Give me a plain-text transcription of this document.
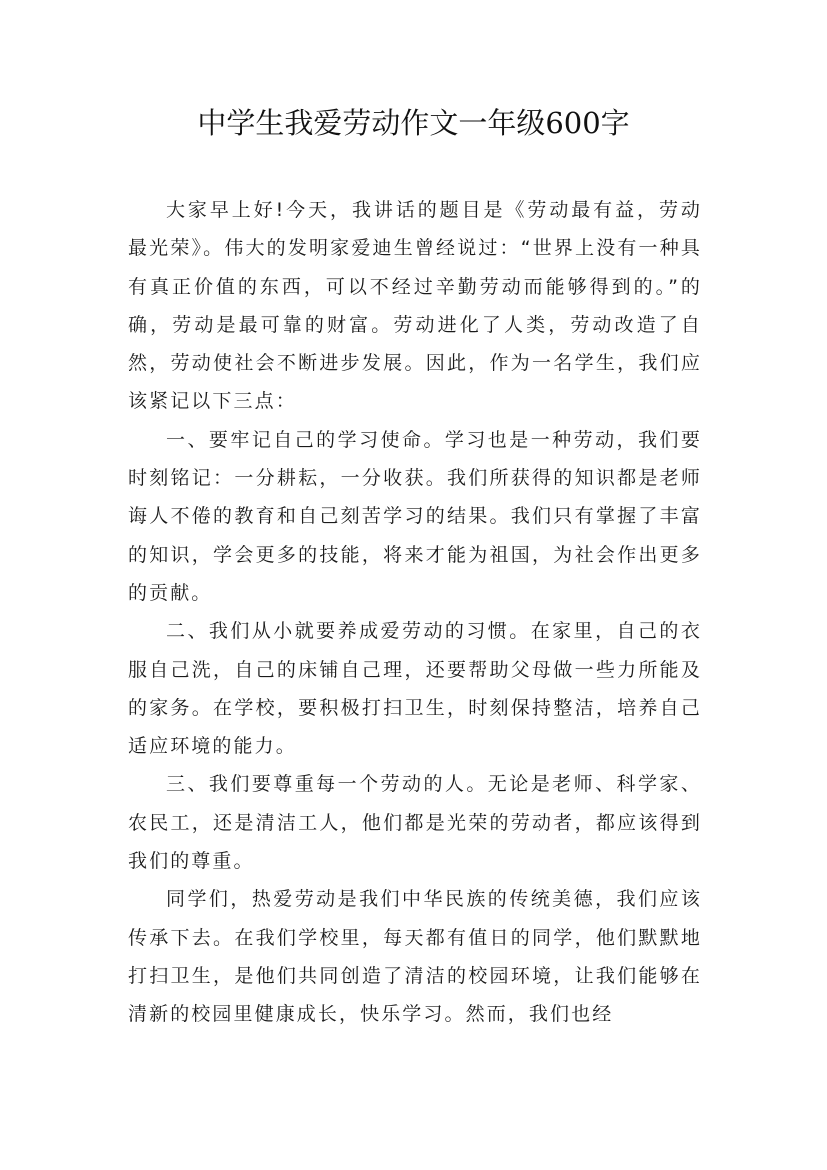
中学生我爱劳动作文一年级600字

大家早上好!今天，我讲话的题目是《劳动最有益，劳动最光荣》。伟大的发明家爱迪生曾经说过：“世界上没有一种具有真正价值的东西，可以不经过辛勤劳动而能够得到的。”的确，劳动是最可靠的财富。劳动进化了人类，劳动改造了自然，劳动使社会不断进步发展。因此，作为一名学生，我们应该紧记以下三点：

一、要牢记自己的学习使命。学习也是一种劳动，我们要时刻铭记：一分耕耘，一分收获。我们所获得的知识都是老师诲人不倦的教育和自己刻苦学习的结果。我们只有掌握了丰富的知识，学会更多的技能，将来才能为祖国，为社会作出更多的贡献。

二、我们从小就要养成爱劳动的习惯。在家里，自己的衣服自己洗，自己的床铺自己理，还要帮助父母做一些力所能及的家务。在学校，要积极打扫卫生，时刻保持整洁，培养自己适应环境的能力。

三、我们要尊重每一个劳动的人。无论是老师、科学家、农民工，还是清洁工人，他们都是光荣的劳动者，都应该得到我们的尊重。

同学们，热爱劳动是我们中华民族的传统美德，我们应该传承下去。在我们学校里，每天都有值日的同学，他们默默地打扫卫生，是他们共同创造了清洁的校园环境，让我们能够在清新的校园里健康成长，快乐学习。然而，我们也经
